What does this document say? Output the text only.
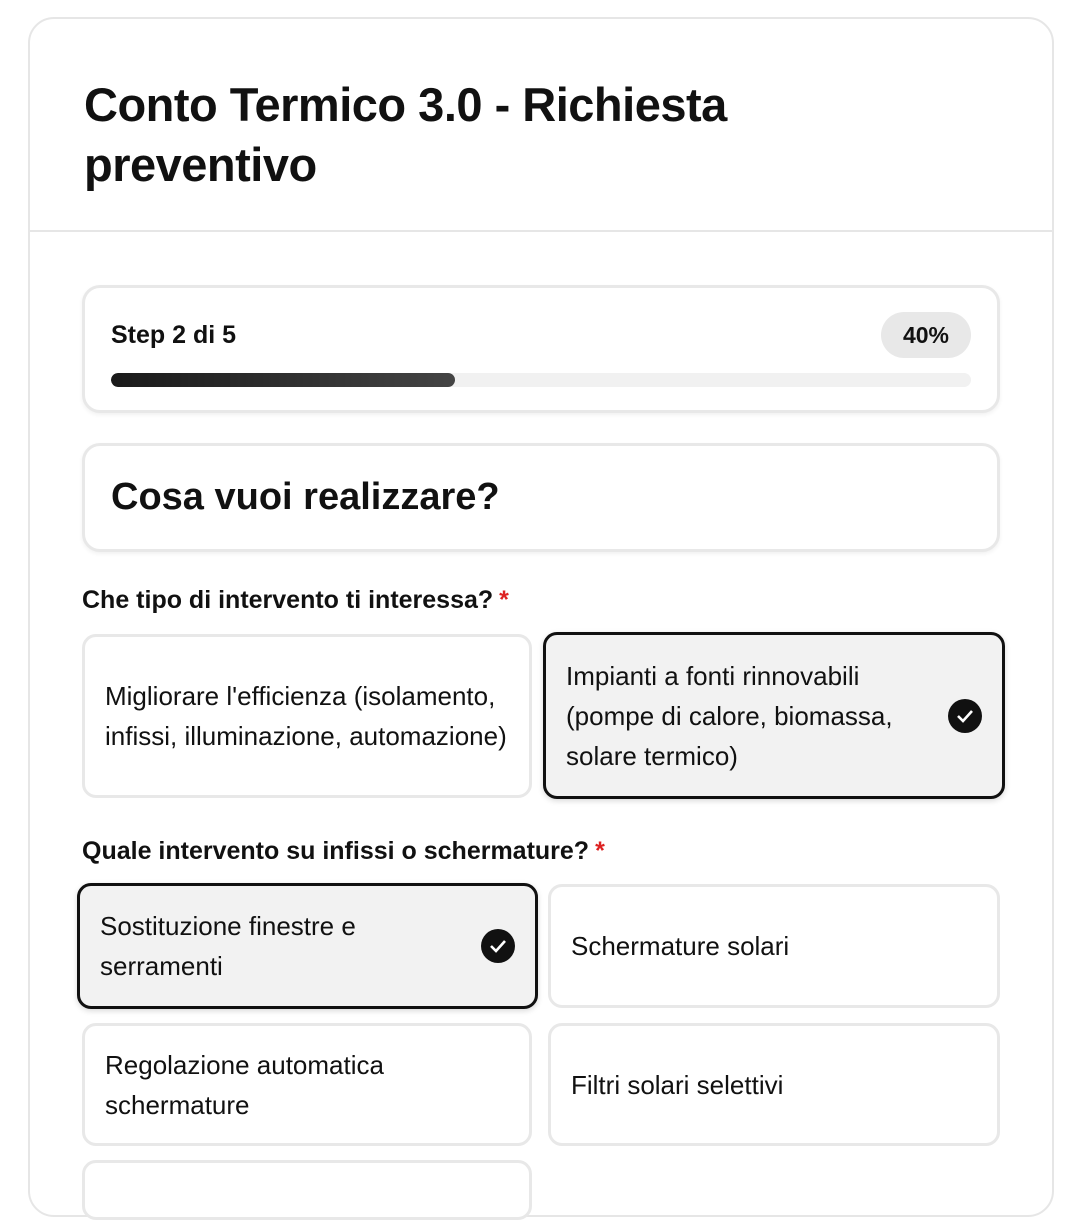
Conto Termico 3.0 - Richiesta preventivo
Step 2 di 5	40%
Cosa vuoi realizzare?
Che tipo di intervento ti interessa? *
Migliorare l'efficienza (isolamento, infissi, illuminazione, automazione)
Impianti a fonti rinnovabili (pompe di calore, biomassa, solare termico)
Quale intervento su infissi o schermature? *
Sostituzione finestre e serramenti
Schermature solari
Regolazione automatica schermature
Filtri solari selettivi
